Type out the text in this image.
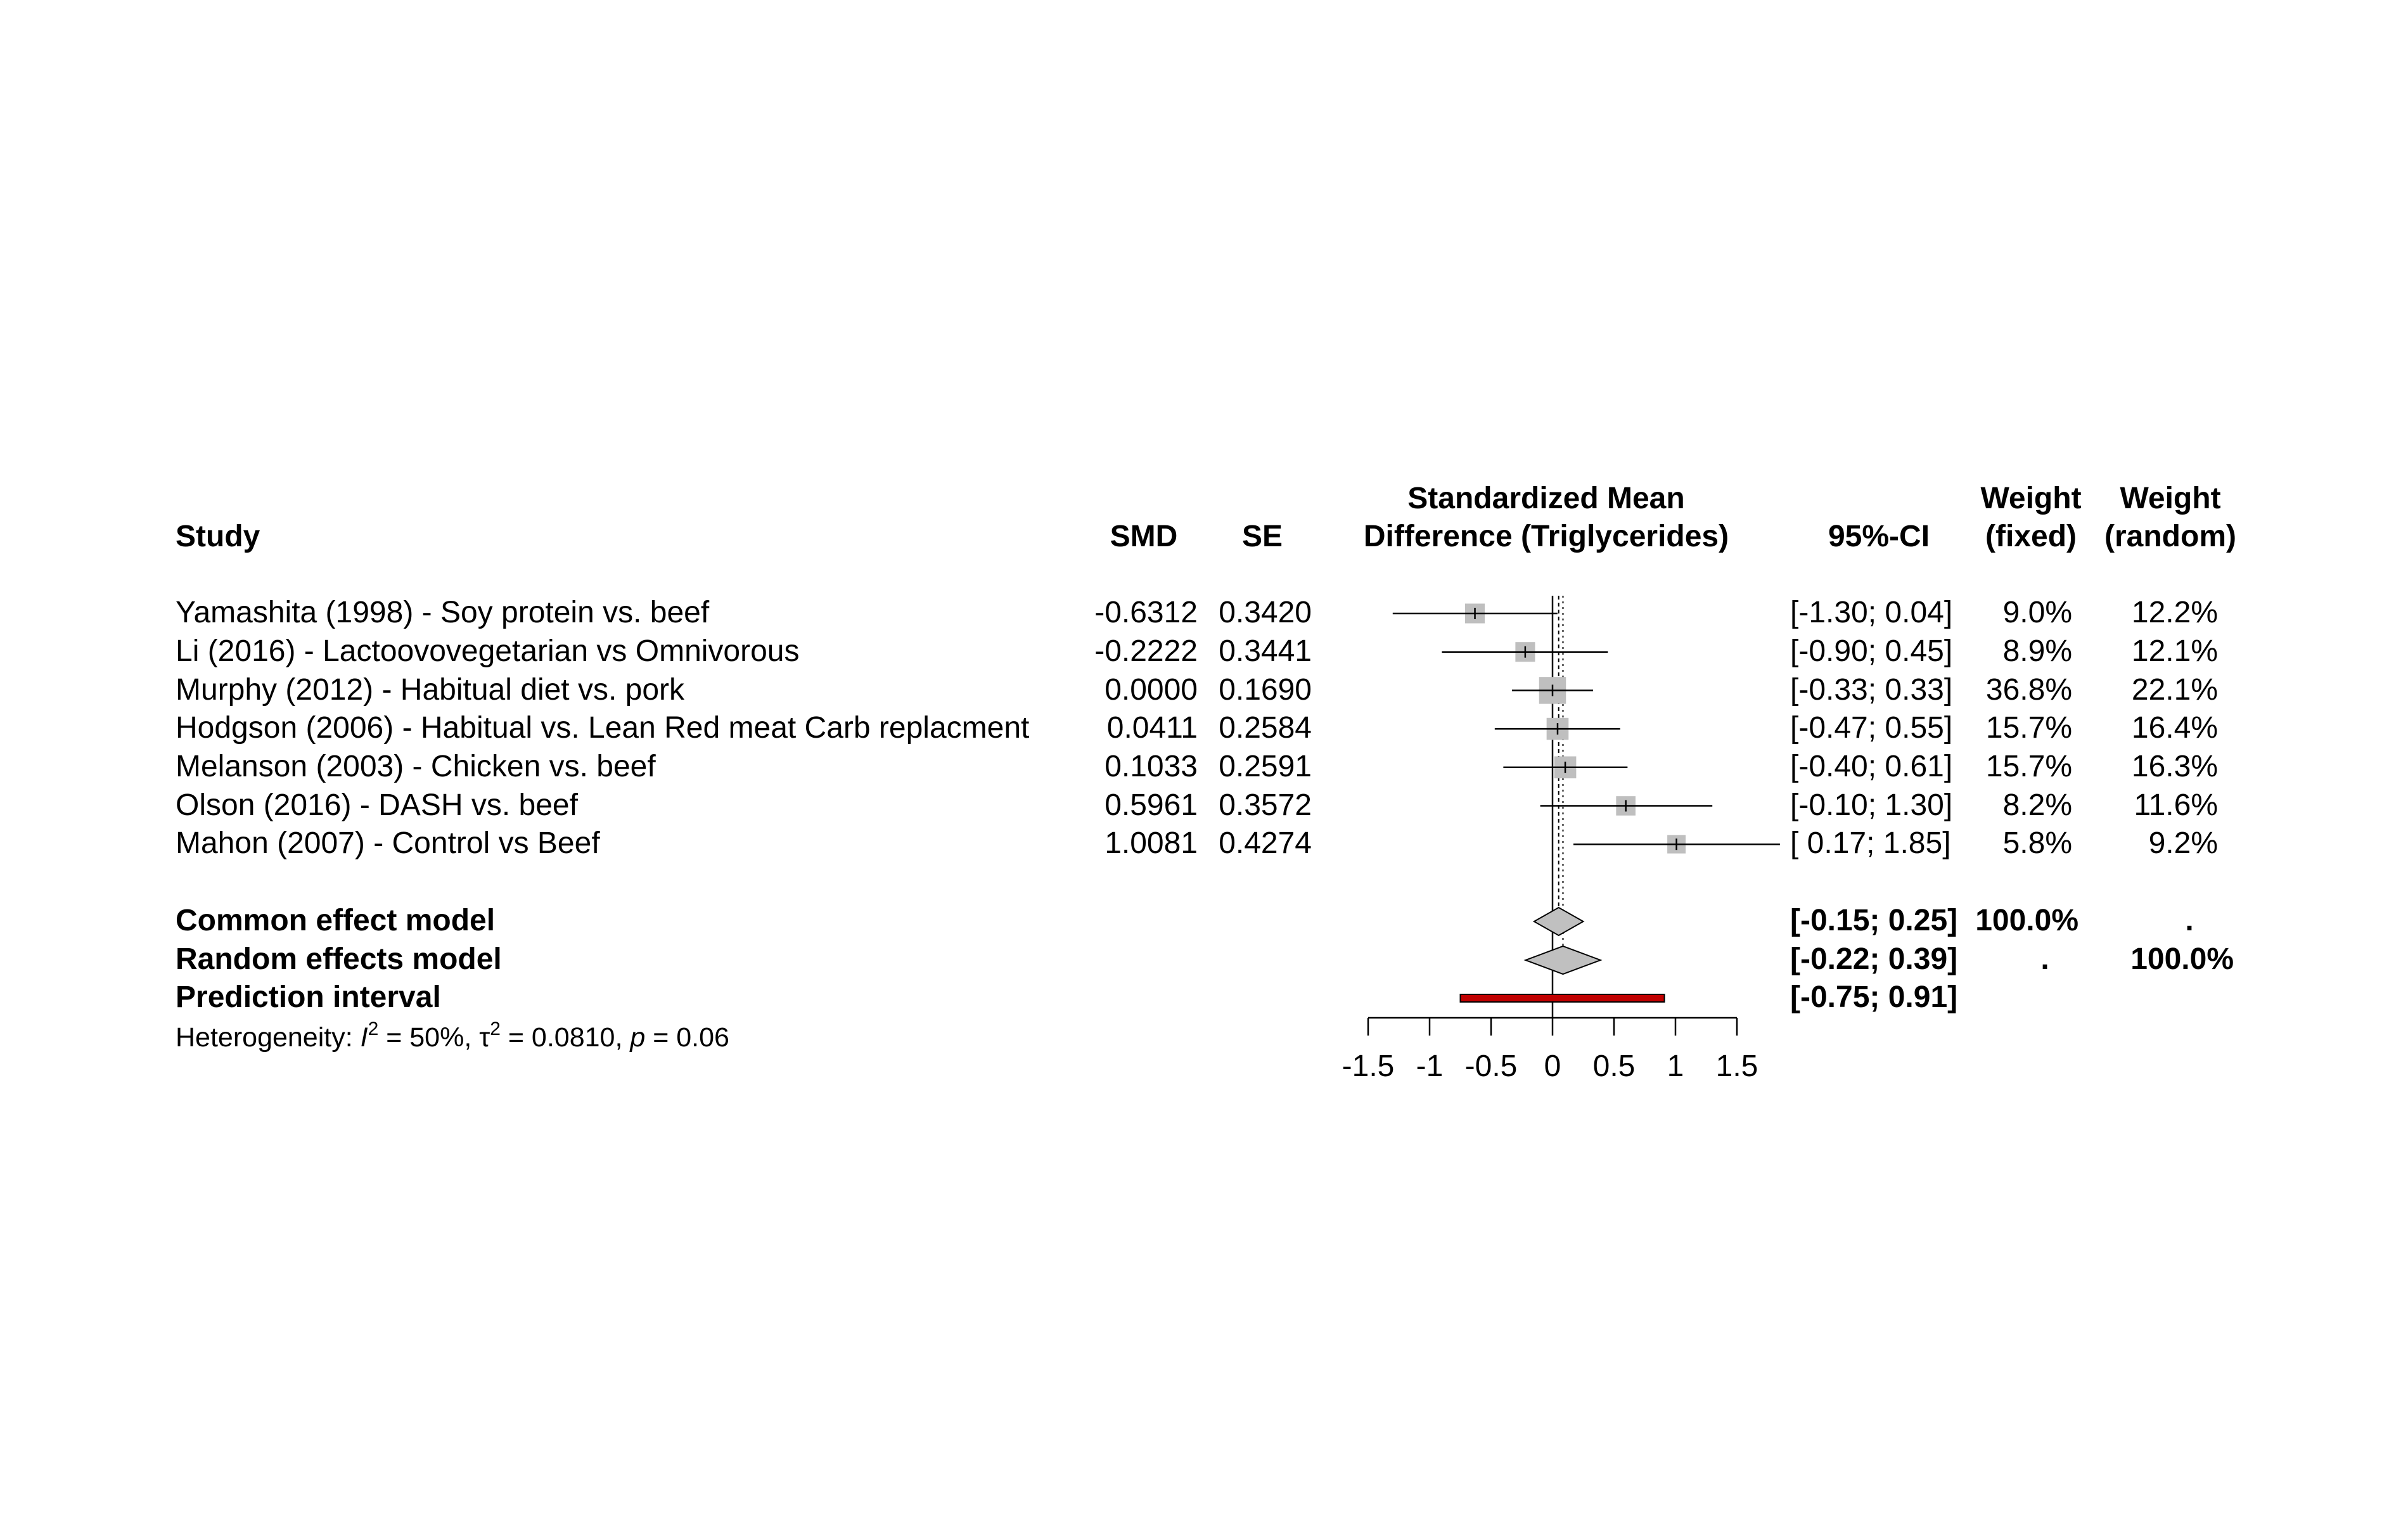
Study	SMD SE
Standardized Mean
Difference (Triglycerides)	95%-CI
Weight
(fixed)
Weight
(random)
Yamashita (1998) - Soy protein vs. beef	-0.6312 0.3420	[-1.30; 0.04] 9.0% 12.2%
Li (2016) - Lactoovovegetarian vs Omnivorous	-0.2222 0.3441	[-0.90; 0.45] 8.9% 12.1%
Murphy (2012) - Habitual diet vs. pork	0.0000 0.1690	[-0.33; 0.33] 36.8% 22.1%
Hodgson (2006) - Habitual vs. Lean Red meat Carb replacment	0.0411 0.2584	[-0.47; 0.55] 15.7% 16.4%
Melanson (2003) - Chicken vs. beef	0.1033 0.2591	[-0.40; 0.61] 15.7% 16.3%
Olson (2016) - DASH vs. beef	0.5961 0.3572	[-0.10; 1.30] 8.2% 11.6%
Mahon (2007) - Control vs Beef	1.0081 0.4274	[ 0.17; 1.85] 5.8%	9.2%
Common effect model	[-0.15; 0.25] 100.0%	.
Random effects model	[-0.22; 0.39]	.	100.0%
Prediction interval	[-0.75; 0.91]
Heterogeneity: $I^2 = 50\%$, $\tau^2 = 0.0810$, p = 0.06
-1.5 -1 -0.5 0 0.5 1 1.5
